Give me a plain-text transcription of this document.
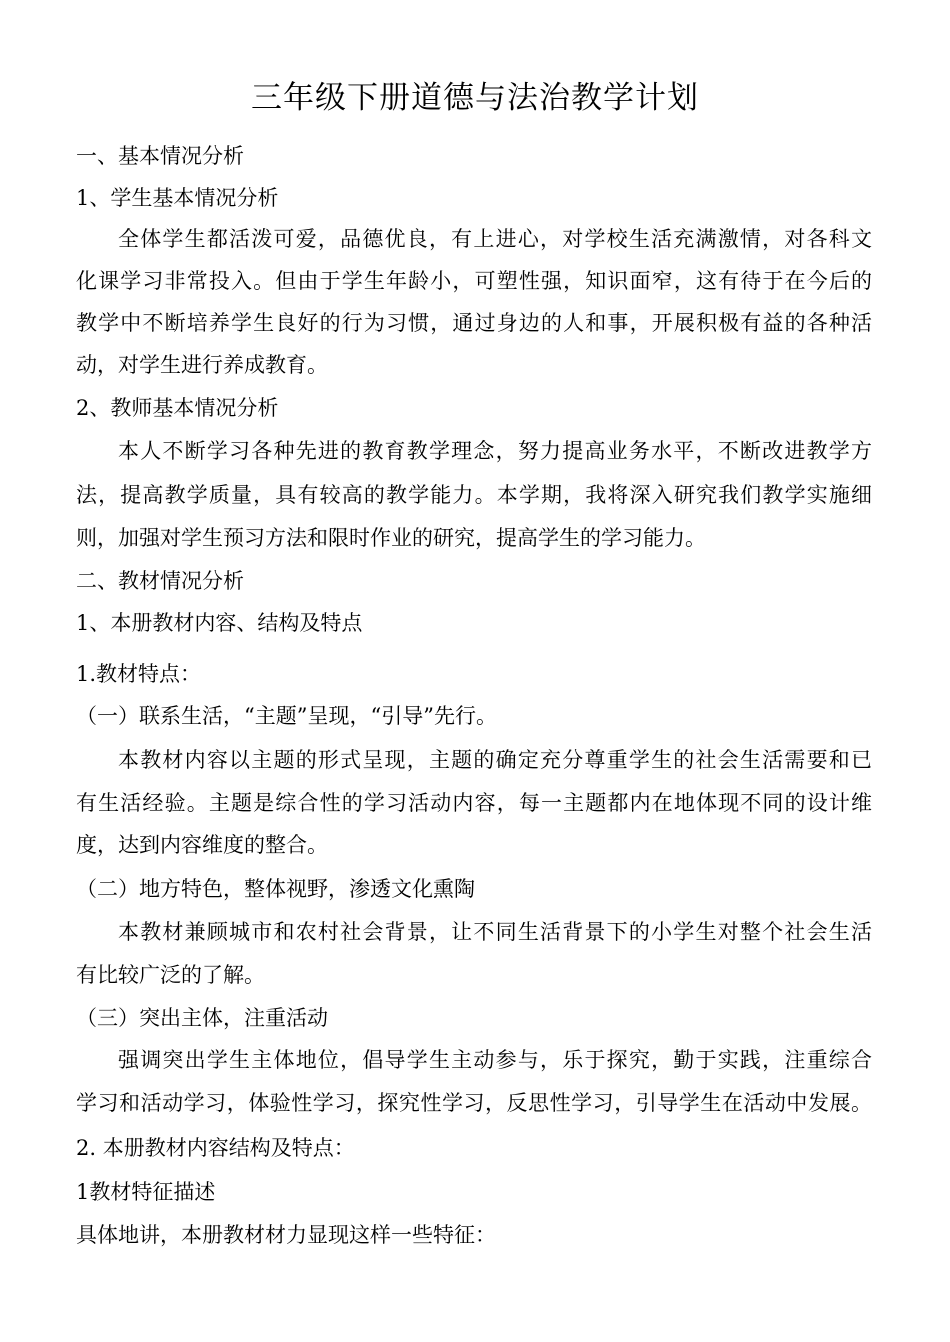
三年级下册道德与法治教学计划

一、基本情况分析

1、学生基本情况分析

全体学生都活泼可爱，品德优良，有上进心，对学校生活充满激情，对各科文

化课学习非常投入。但由于学生年龄小，可塑性强，知识面窄，这有待于在今后的

教学中不断培养学生良好的行为习惯，通过身边的人和事，开展积极有益的各种活

动，对学生进行养成教育。

2、教师基本情况分析

本人不断学习各种先进的教育教学理念，努力提高业务水平，不断改进教学方

法，提高教学质量，具有较高的教学能力。本学期，我将深入研究我们教学实施细

则，加强对学生预习方法和限时作业的研究，提高学生的学习能力。

二、教材情况分析

1、本册教材内容、结构及特点

1.教材特点：

（一）联系生活，“主题”呈现，“引导”先行。

本教材内容以主题的形式呈现，主题的确定充分尊重学生的社会生活需要和已

有生活经验。主题是综合性的学习活动内容，每一主题都内在地体现不同的设计维

度，达到内容维度的整合。

（二）地方特色，整体视野，渗透文化熏陶

本教材兼顾城市和农村社会背景，让不同生活背景下的小学生对整个社会生活

有比较广泛的了解。

（三）突出主体，注重活动

强调突出学生主体地位，倡导学生主动参与，乐于探究，勤于实践，注重综合

学习和活动学习，体验性学习，探究性学习，反思性学习，引导学生在活动中发展。

2. 本册教材内容结构及特点：

1教材特征描述

具体地讲，本册教材材力显现这样一些特征：
